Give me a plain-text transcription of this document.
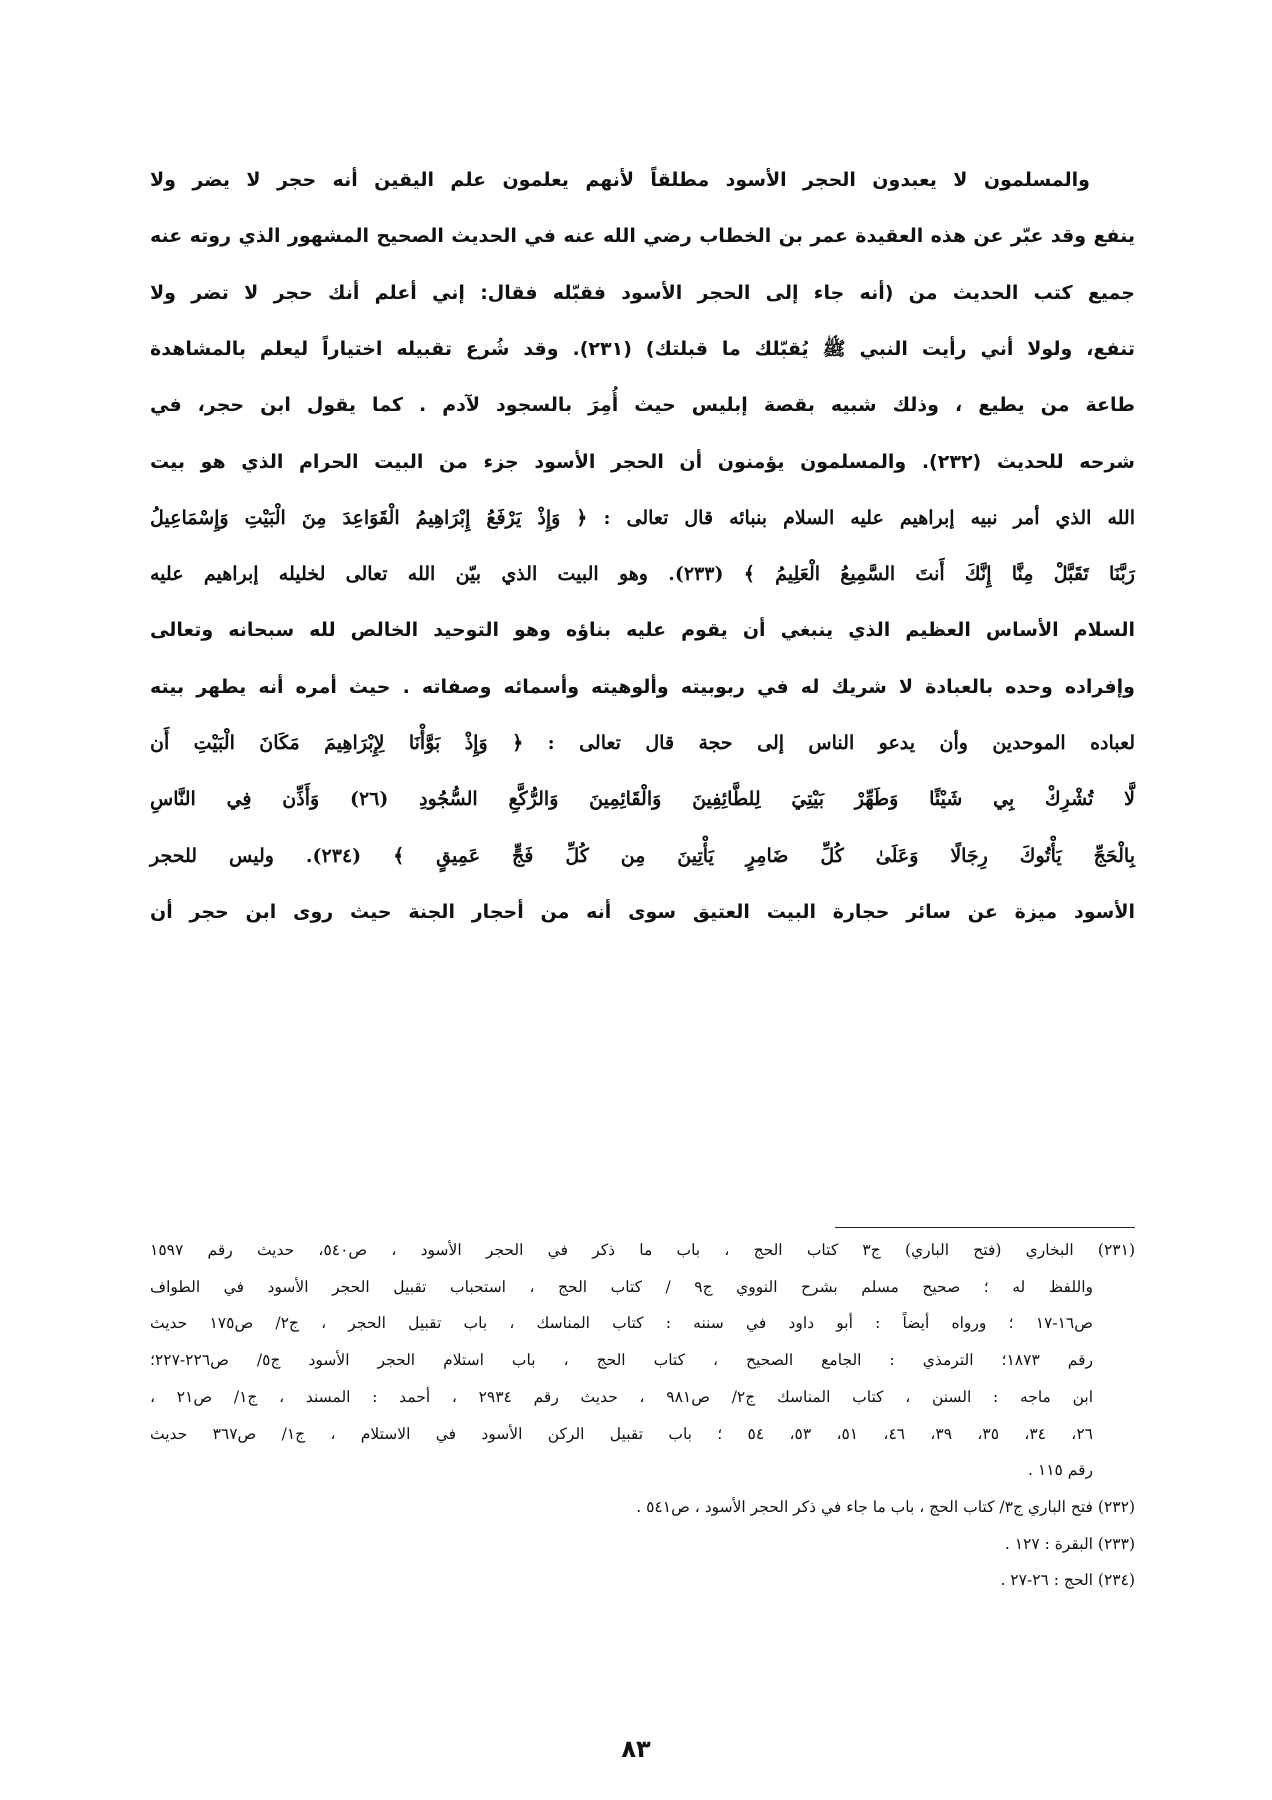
والمسلمون لا يعبدون الحجر الأسود مطلقاً لأنهم يعلمون علم اليقين أنه حجر لا يضر ولا
ينفع وقد عبّر عن هذه العقيدة عمر بن الخطاب رضي الله عنه في الحديث الصحيح المشهور الذي روته عنه
جميع كتب الحديث من (أنه جاء إلى الحجر الأسود فقبّله فقال: إني أعلم أنك حجر لا تضر ولا
تنفع، ولولا أني رأيت النبي ﷺ يُقبّلك ما قبلتك) (٢٣١). وقد شُرع تقبيله اختياراً ليعلم بالمشاهدة
طاعة من يطيع ، وذلك شبيه بقصة إبليس حيث أُمِرَ بالسجود لآدم . كما يقول ابن حجر، في
شرحه للحديث (٢٣٢). والمسلمون يؤمنون أن الحجر الأسود جزء من البيت الحرام الذي هو بيت
الله الذي أمر نبيه إبراهيم عليه السلام بنبائه قال تعالى : ﴿ وَإِذْ يَرْفَعُ إِبْرَاهِيمُ الْقَوَاعِدَ مِنَ الْبَيْتِ وَإِسْمَاعِيلُ
رَبَّنَا تَقَبَّلْ مِنَّا إِنَّكَ أَنتَ السَّمِيعُ الْعَلِيمُ ﴾ (٢٣٣). وهو البيت الذي بيّن الله تعالى لخليله إبراهيم عليه
السلام الأساس العظيم الذي ينبغي أن يقوم عليه بناؤه وهو التوحيد الخالص لله سبحانه وتعالى
وإفراده وحده بالعبادة لا شريك له في ربوبيته وألوهيته وأسمائه وصفاته . حيث أمره أنه يطهر بيته
لعباده الموحدين وأن يدعو الناس إلى حجة قال تعالى : ﴿ وَإِذْ بَوَّأْنَا لِإِبْرَاهِيمَ مَكَانَ الْبَيْتِ أَن
لَّا تُشْرِكْ بِي شَيْئًا وَطَهِّرْ بَيْتِيَ لِلطَّائِفِينَ وَالْقَائِمِينَ وَالرُّكَّعِ السُّجُودِ (٢٦) وَأَذِّن فِي النَّاسِ
بِالْحَجِّ يَأْتُوكَ رِجَالًا وَعَلَىٰ كُلِّ ضَامِرٍ يَأْتِينَ مِن كُلِّ فَجٍّ عَمِيقٍ ﴾ (٢٣٤). وليس للحجر
الأسود ميزة عن سائر حجارة البيت العتيق سوى أنه من أحجار الجنة حيث روى ابن حجر أن
(٢٣١) البخاري (فتح الباري) ج٣ كتاب الحج ، باب ما ذكر في الحجر الأسود ، ص٥٤٠، حديث رقم ١٥٩٧
واللفظ له ؛ صحيح مسلم بشرح النووي ج٩ / كتاب الحج ، استحباب تقبيل الحجر الأسود في الطواف
ص١٦-١٧ ؛ ورواه أيضاً : أبو داود في سننه : كتاب المناسك ، باب تقبيل الحجر ، ج٢/ ص١٧٥ حديث
رقم ١٨٧٣؛ الترمذي : الجامع الصحيح ، كتاب الحج ، باب استلام الحجر الأسود ج٥/ ص٢٢٦-٢٢٧؛
ابن ماجه : السنن ، كتاب المناسك ج٢/ ص٩٨١ ، حديث رقم ٢٩٣٤ ، أحمد : المسند ، ج١/ ص٢١ ،
٢٦، ٣٤، ٣٥، ٣٩، ٤٦، ٥١، ٥٣، ٥٤ ؛ باب تقبيل الركن الأسود في الاستلام ، ج١/ ص٣٦٧ حديث
رقم ١١٥ .
(٢٣٢) فتح الباري ج٣/ كتاب الحج ، باب ما جاء في ذكر الحجر الأسود ، ص٥٤١ .
(٢٣٣) البقرة : ١٢٧ .
(٢٣٤) الحج : ٢٦-٢٧ .
٨٣
